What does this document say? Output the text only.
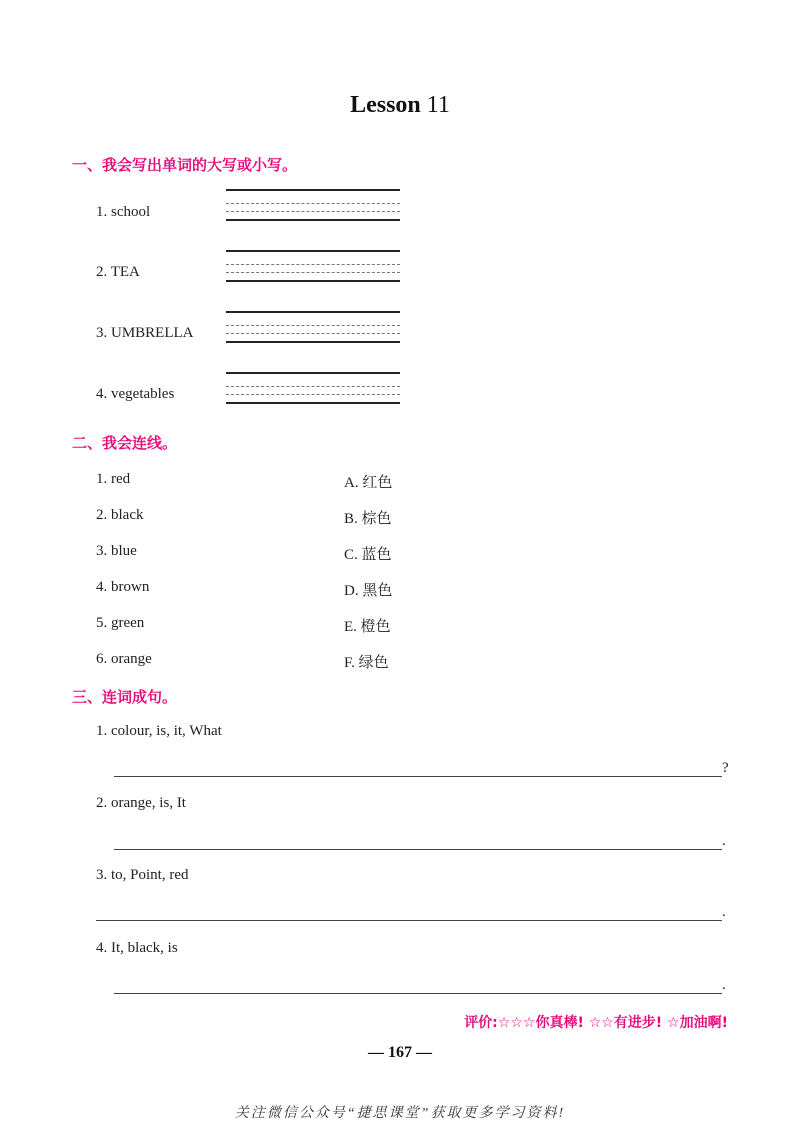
Lesson 11
一、我会写出单词的大写或小写。
1. school
2. TEA
3. UMBRELLA
4. vegetables
二、我会连线。
1. red	A. 红色
2. black	B. 棕色
3. blue	C. 蓝色
4. brown	D. 黑色
5. green	E. 橙色
6. orange	F. 绿色
三、连词成句。
1. colour, is, it, What
?
2. orange, is, It
.
3. to, Point, red
.
4. It, black, is
.
评价:☆☆☆你真棒! ☆☆有进步! ☆加油啊!
— 167 —
关注微信公众号“捷思课堂”获取更多学习资料!
